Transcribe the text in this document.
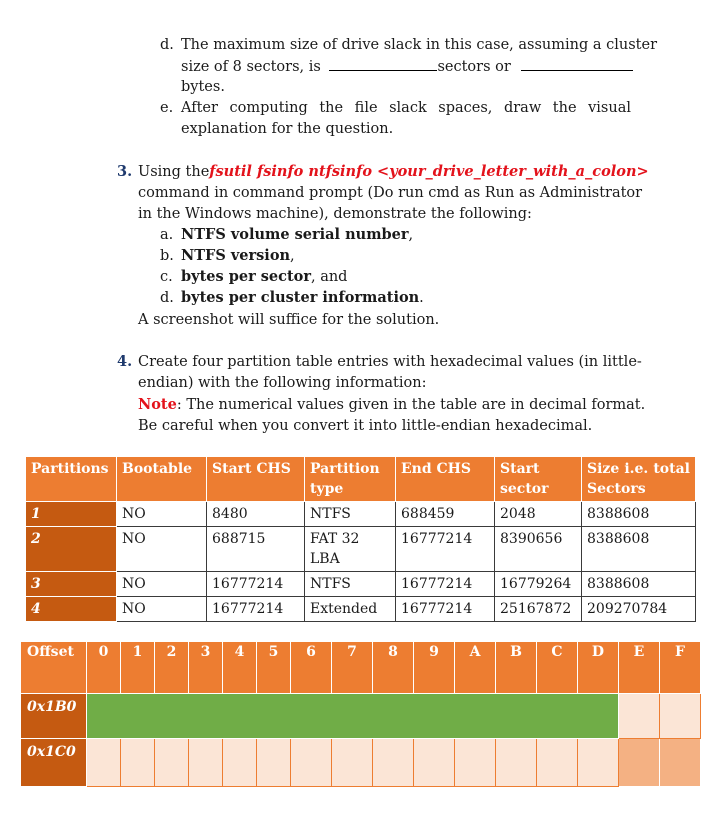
d. The maximum size of drive slack in this case, assuming a cluster
size of 8 sectors, is	sectors or
bytes.
e. After computing the file slack spaces, draw the visual
explanation for the question.
3. Using the fsutil fsinfo ntfsinfo <your_drive_letter_with_a_colon>
command in command prompt (Do run cmd as Run as Administrator
in the Windows machine), demonstrate the following:
a. NTFS volume serial number,
b. NTFS version,
c. bytes per sector, and
d. bytes per cluster information.
A screenshot will suffice for the solution.
4. Create four partition table entries with hexadecimal values (in little-
endian) with the following information:
Note: The numerical values given in the table are in decimal format.
Be careful when you convert it into little-endian hexadecimal.
Partitions	Bootable	Start CHS	Partition type	End CHS	Start sector	Size i.e. total Sectors
1	NO	8480	NTFS	688459	2048	8388608
2	NO	688715	FAT 32 LBA	16777214	8390656	8388608
3	NO	16777214	NTFS	16777214	16779264	8388608
4	NO	16777214	Extended	16777214	25167872	209270784
Offset	0	1	2	3	4	5	6	7	8	9	A	B	C	D	E	F
0x1B0																
0x1C0																
